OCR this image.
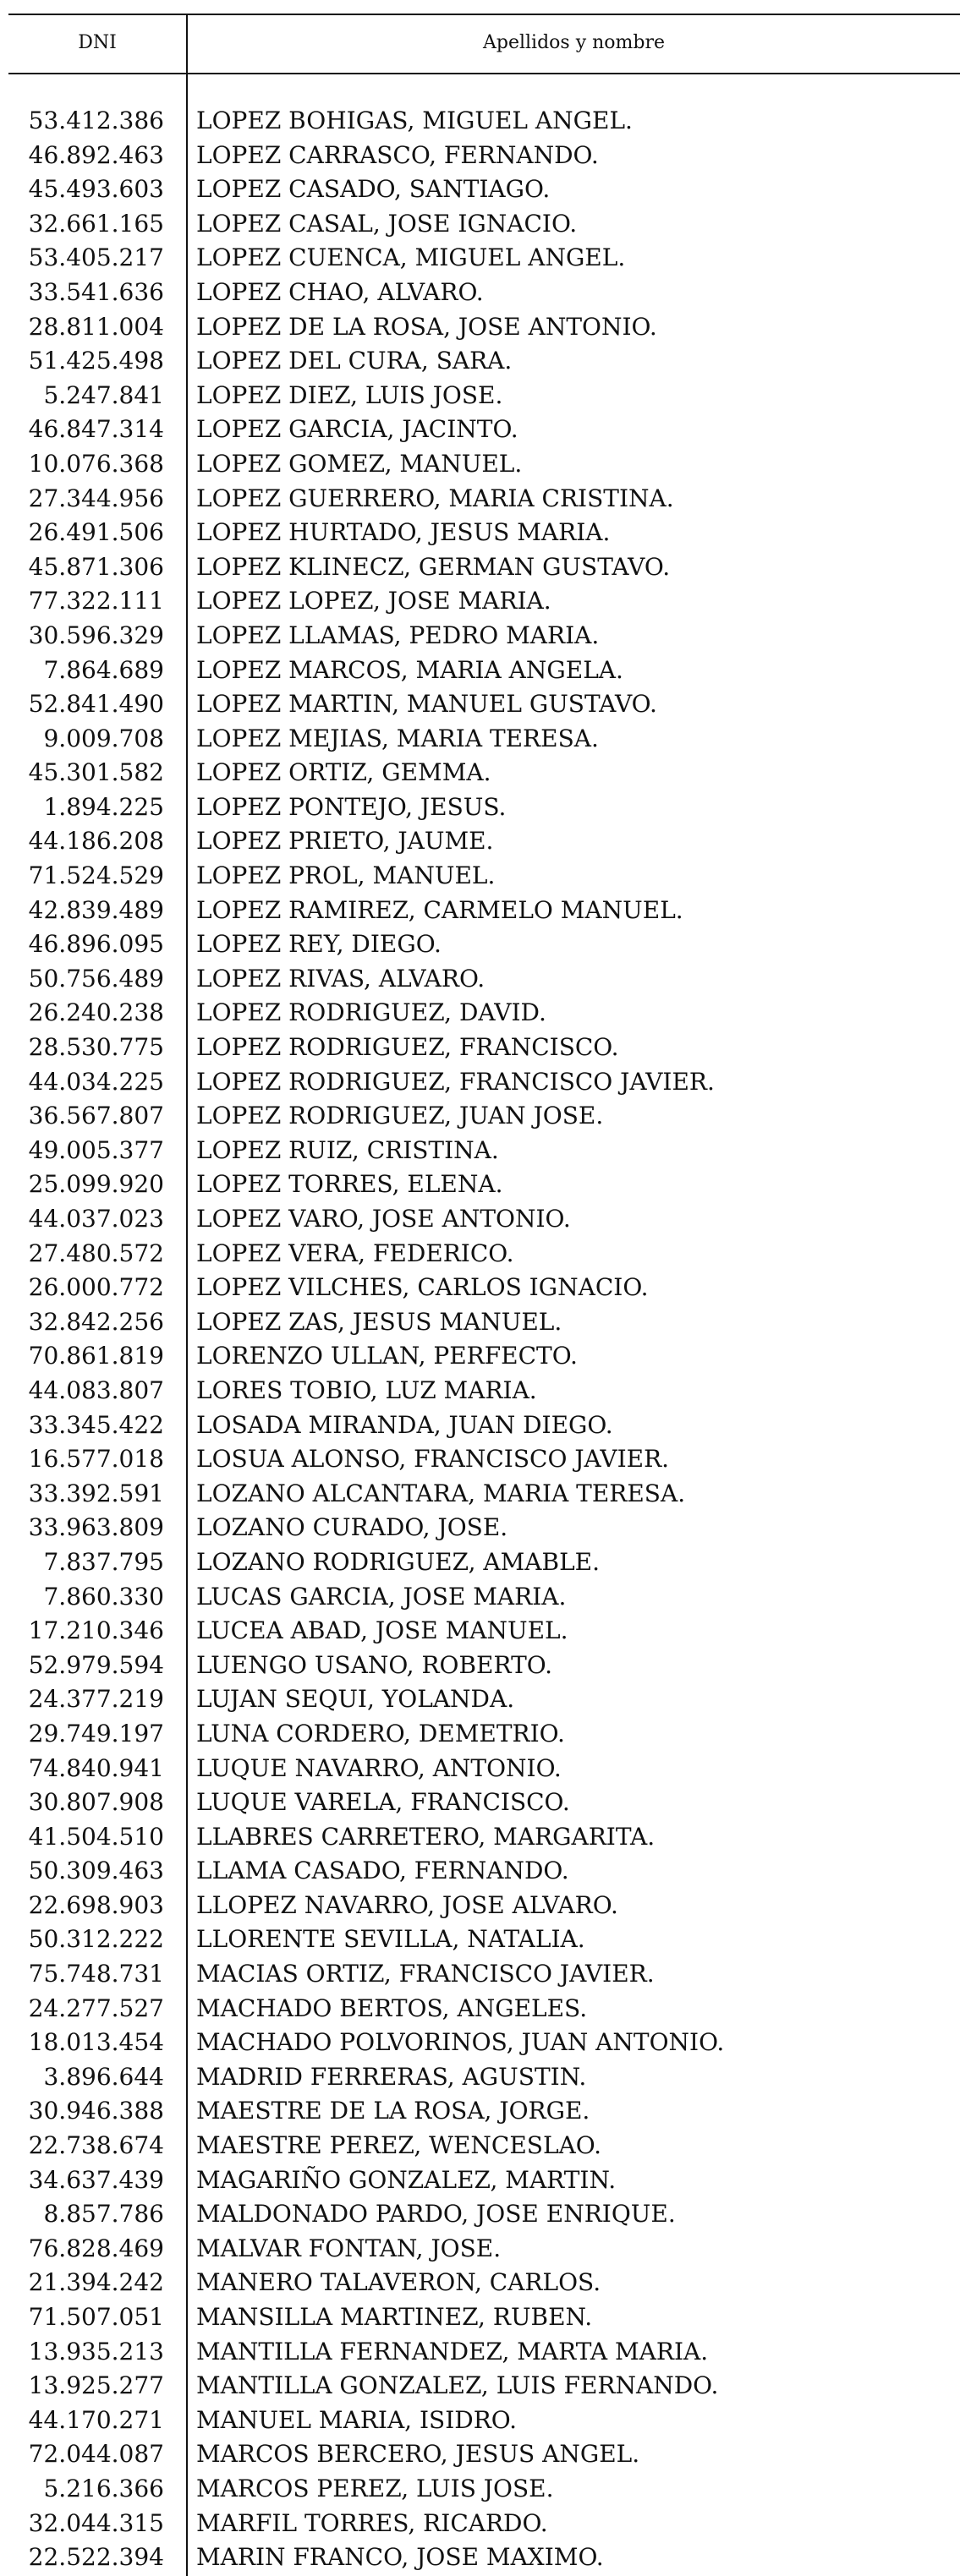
DNI	Apellidos y nombre
53.412.386 LOPEZ BOHIGAS, MIGUEL ANGEL.
46.892.463 LOPEZ CARRASCO, FERNANDO.
45.493.603 LOPEZ CASADO, SANTIAGO.
32.661.165 LOPEZ CASAL, JOSE IGNACIO.
53.405.217 LOPEZ CUENCA, MIGUEL ANGEL.
33.541.636 LOPEZ CHAO, ALVARO.
28.811.004 LOPEZ DE LA ROSA, JOSE ANTONIO.
51.425.498 LOPEZ DEL CURA, SARA.
5.247.841 LOPEZ DIEZ, LUIS JOSE.
46.847.314 LOPEZ GARCIA, JACINTO.
10.076.368 LOPEZ GOMEZ, MANUEL.
27.344.956 LOPEZ GUERRERO, MARIA CRISTINA.
26.491.506 LOPEZ HURTADO, JESUS MARIA.
45.871.306 LOPEZ KLINECZ, GERMAN GUSTAVO.
77.322.111 LOPEZ LOPEZ, JOSE MARIA.
30.596.329 LOPEZ LLAMAS, PEDRO MARIA.
7.864.689 LOPEZ MARCOS, MARIA ANGELA.
52.841.490 LOPEZ MARTIN, MANUEL GUSTAVO.
9.009.708 LOPEZ MEJIAS, MARIA TERESA.
45.301.582 LOPEZ ORTIZ, GEMMA.
1.894.225 LOPEZ PONTEJO, JESUS.
44.186.208 LOPEZ PRIETO, JAUME.
71.524.529 LOPEZ PROL, MANUEL.
42.839.489 LOPEZ RAMIREZ, CARMELO MANUEL.
46.896.095 LOPEZ REY, DIEGO.
50.756.489 LOPEZ RIVAS, ALVARO.
26.240.238 LOPEZ RODRIGUEZ, DAVID.
28.530.775 LOPEZ RODRIGUEZ, FRANCISCO.
44.034.225 LOPEZ RODRIGUEZ, FRANCISCO JAVIER.
36.567.807 LOPEZ RODRIGUEZ, JUAN JOSE.
49.005.377 LOPEZ RUIZ, CRISTINA.
25.099.920 LOPEZ TORRES, ELENA.
44.037.023 LOPEZ VARO, JOSE ANTONIO.
27.480.572 LOPEZ VERA, FEDERICO.
26.000.772 LOPEZ VILCHES, CARLOS IGNACIO.
32.842.256 LOPEZ ZAS, JESUS MANUEL.
70.861.819 LORENZO ULLAN, PERFECTO.
44.083.807 LORES TOBIO, LUZ MARIA.
33.345.422 LOSADA MIRANDA, JUAN DIEGO.
16.577.018 LOSUA ALONSO, FRANCISCO JAVIER.
33.392.591 LOZANO ALCANTARA, MARIA TERESA.
33.963.809 LOZANO CURADO, JOSE.
7.837.795 LOZANO RODRIGUEZ, AMABLE.
7.860.330 LUCAS GARCIA, JOSE MARIA.
17.210.346 LUCEA ABAD, JOSE MANUEL.
52.979.594 LUENGO USANO, ROBERTO.
24.377.219 LUJAN SEQUI, YOLANDA.
29.749.197 LUNA CORDERO, DEMETRIO.
74.840.941 LUQUE NAVARRO, ANTONIO.
30.807.908 LUQUE VARELA, FRANCISCO.
41.504.510 LLABRES CARRETERO, MARGARITA.
50.309.463 LLAMA CASADO, FERNANDO.
22.698.903 LLOPEZ NAVARRO, JOSE ALVARO.
50.312.222 LLORENTE SEVILLA, NATALIA.
75.748.731 MACIAS ORTIZ, FRANCISCO JAVIER.
24.277.527 MACHADO BERTOS, ANGELES.
18.013.454 MACHADO POLVORINOS, JUAN ANTONIO.
3.896.644 MADRID FERRERAS, AGUSTIN.
30.946.388 MAESTRE DE LA ROSA, JORGE.
22.738.674 MAESTRE PEREZ, WENCESLAO.
34.637.439 MAGARIÑO GONZALEZ, MARTIN.
8.857.786 MALDONADO PARDO, JOSE ENRIQUE.
76.828.469 MALVAR FONTAN, JOSE.
21.394.242 MANERO TALAVERON, CARLOS.
71.507.051 MANSILLA MARTINEZ, RUBEN.
13.935.213 MANTILLA FERNANDEZ, MARTA MARIA.
13.925.277 MANTILLA GONZALEZ, LUIS FERNANDO.
44.170.271 MANUEL MARIA, ISIDRO.
72.044.087 MARCOS BERCERO, JESUS ANGEL.
5.216.366 MARCOS PEREZ, LUIS JOSE.
32.044.315 MARFIL TORRES, RICARDO.
22.522.394 MARIN FRANCO, JOSE MAXIMO.
